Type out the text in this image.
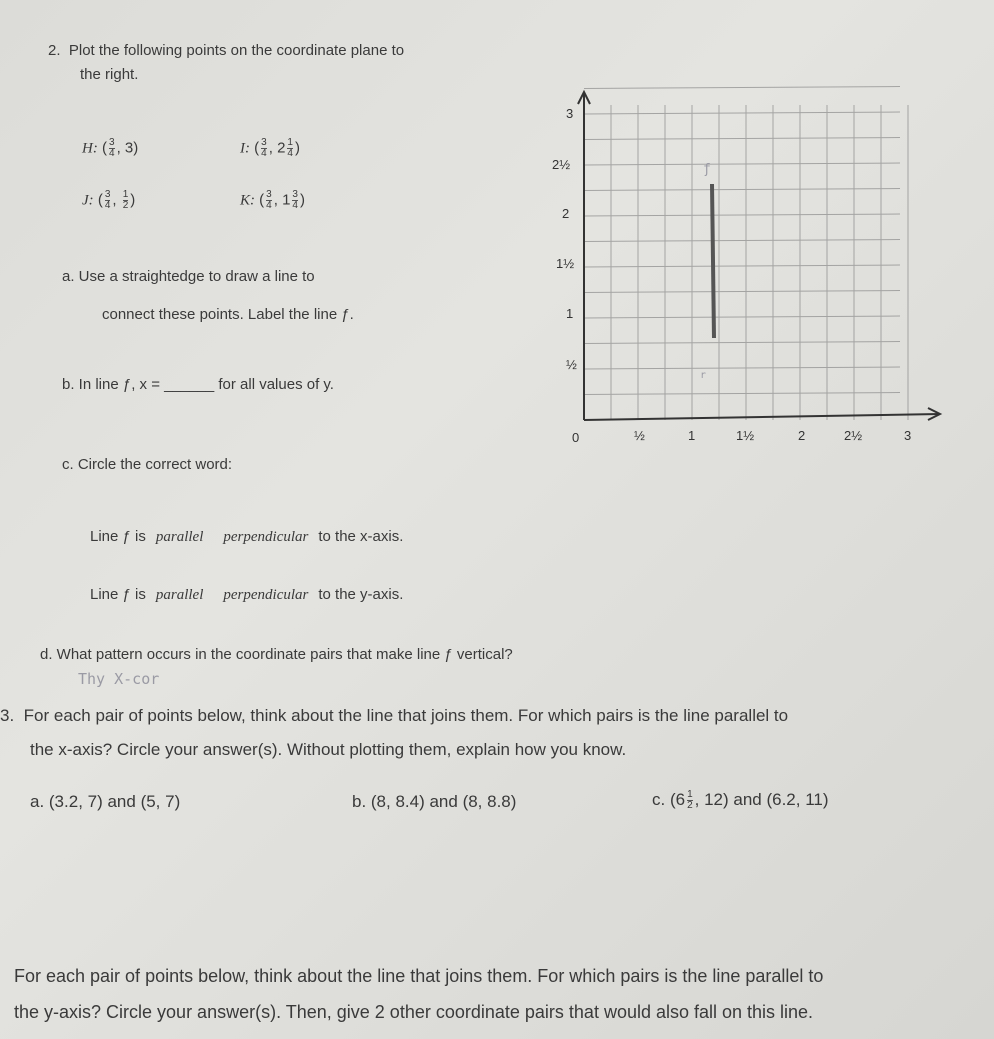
2. Plot the following points on the coordinate plane to
the right.
H: ( $\frac{3}{4}$ , 3)	I: ( $\frac{3}{4}$ , $2 \frac{1}{4}$ )
J: ( $\frac{3}{4}$ , $\frac{1}{2}$ )	K: ( $\frac{3}{4}$ , $1 \frac{3}{4}$ )
a. Use a straightedge to draw a line to
connect these points. Label the line ƒ.
b. In line ƒ, x = ______ for all values of y.
c. Circle the correct word:
Line ƒ is parallel perpendicular to the x-axis.
Line ƒ is parallel perpendicular to the y-axis.
d. What pattern occurs in the coordinate pairs that make line ƒ vertical?
Thy X-cor
3. For each pair of points below, think about the line that joins them. For which pairs is the line parallel to
the x-axis? Circle your answer(s). Without plotting them, explain how you know.
a. (3.2, 7) and (5, 7)	b. (8, 8.4) and (8, 8.8)	c. ($6 \frac{1}{2}$ , 12) and (6.2, 11)
For each pair of points below, think about the line that joins them. For which pairs is the line parallel to
the y-axis? Circle your answer(s). Then, give 2 other coordinate pairs that would also fall on this line.
ƒ
r
0	½	1	1½	2	2½	3
½
1
1½
2
2½
3
